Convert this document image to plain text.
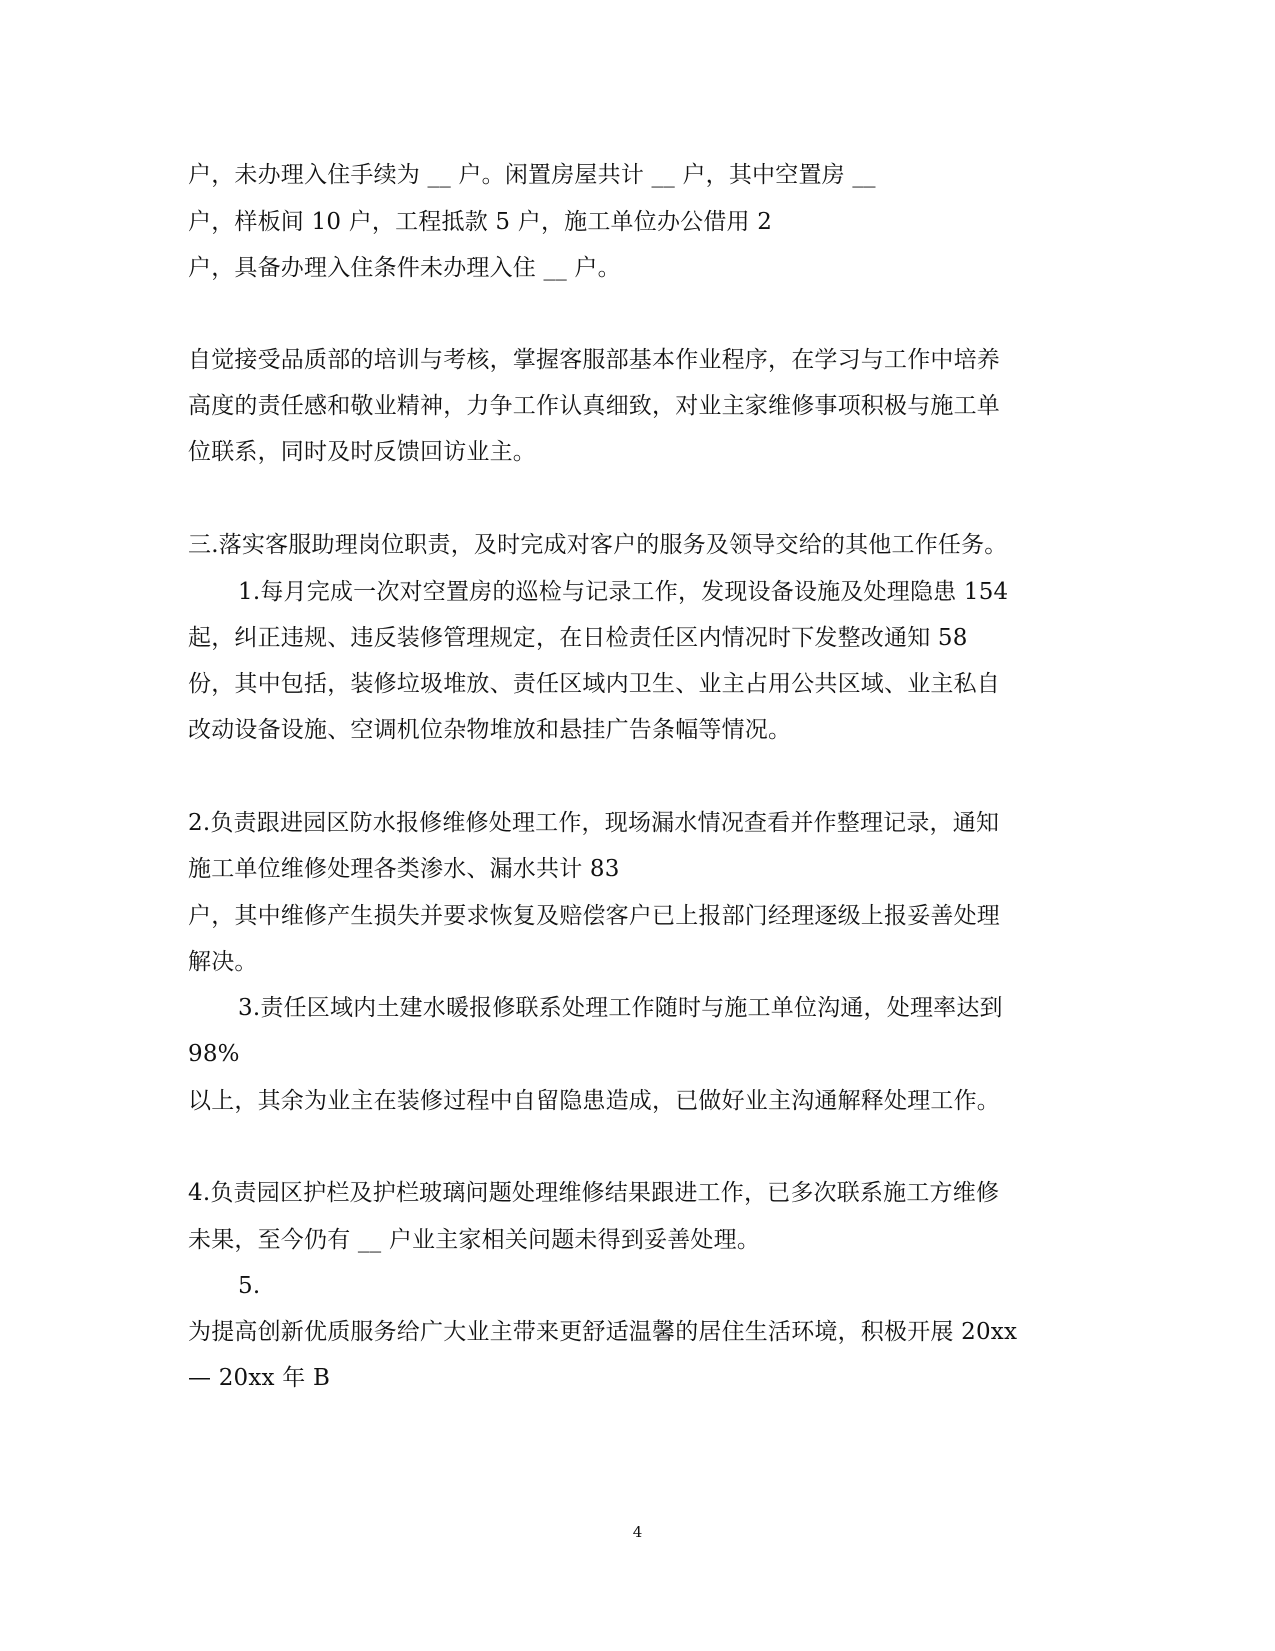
户，未办理入住手续为 __ 户。闲置房屋共计 __ 户，其中空置房 __
户，样板间 10 户，工程抵款 5 户，施工单位办公借用 2
户，具备办理入住条件未办理入住 __ 户。
自觉接受品质部的培训与考核，掌握客服部基本作业程序，在学习与工作中培养
高度的责任感和敬业精神，力争工作认真细致，对业主家维修事项积极与施工单
位联系，同时及时反馈回访业主。
三.落实客服助理岗位职责，及时完成对客户的服务及领导交给的其他工作任务。
1.每月完成一次对空置房的巡检与记录工作，发现设备设施及处理隐患 154
起，纠正违规、违反装修管理规定，在日检责任区内情况时下发整改通知 58
份，其中包括，装修垃圾堆放、责任区域内卫生、业主占用公共区域、业主私自
改动设备设施、空调机位杂物堆放和悬挂广告条幅等情况。
2.负责跟进园区防水报修维修处理工作，现场漏水情况查看并作整理记录，通知
施工单位维修处理各类渗水、漏水共计 83
户，其中维修产生损失并要求恢复及赔偿客户已上报部门经理逐级上报妥善处理
解决。
3.责任区域内土建水暖报修联系处理工作随时与施工单位沟通，处理率达到
98%
以上，其余为业主在装修过程中自留隐患造成，已做好业主沟通解释处理工作。
4.负责园区护栏及护栏玻璃问题处理维修结果跟进工作，已多次联系施工方维修
未果，至今仍有 __ 户业主家相关问题未得到妥善处理。
5.
为提高创新优质服务给广大业主带来更舒适温馨的居住生活环境，积极开展 20xx
— 20xx 年 B
4
